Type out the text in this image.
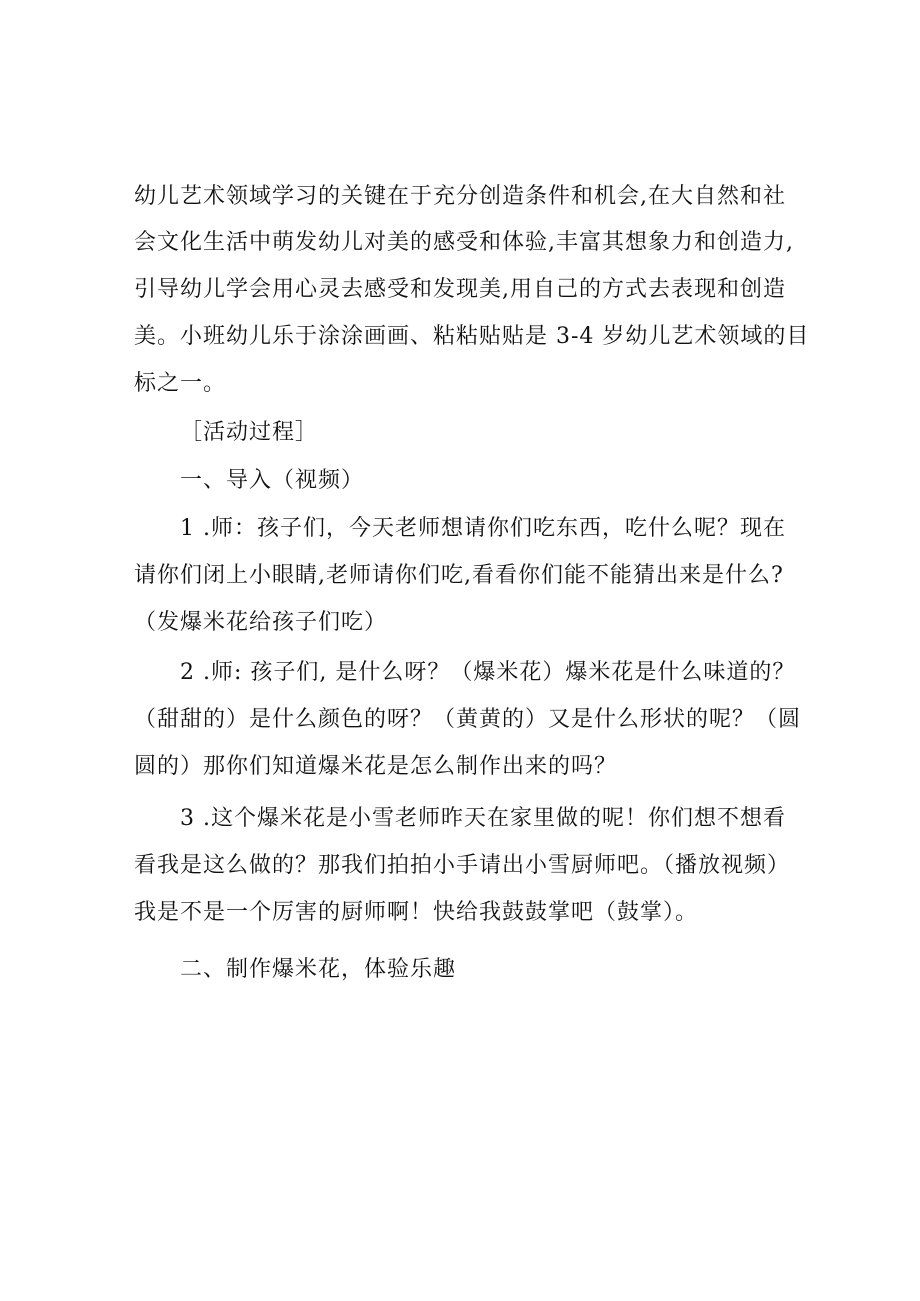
幼儿艺术领域学习的关键在于充分创造条件和机会,在大自然和社
会文化生活中萌发幼儿对美的感受和体验,丰富其想象力和创造力,
引导幼儿学会用心灵去感受和发现美,用自己的方式去表现和创造
美。小班幼儿乐于涂涂画画、粘粘贴贴是 3-4 岁幼儿艺术领域的目
标之一。
［活动过程］
一、导入（视频）
1 .师：孩子们，今天老师想请你们吃东西，吃什么呢？现在
请你们闭上小眼睛,老师请你们吃,看看你们能不能猜出来是什么?
（发爆米花给孩子们吃）
2 .师: 孩子们, 是什么呀？（爆米花）爆米花是什么味道的？
（甜甜的）是什么颜色的呀？（黄黄的）又是什么形状的呢？（圆
圆的）那你们知道爆米花是怎么制作出来的吗？
3 .这个爆米花是小雪老师昨天在家里做的呢！你们想不想看
看我是这么做的？那我们拍拍小手请出小雪厨师吧。（播放视频）
我是不是一个厉害的厨师啊！快给我鼓鼓掌吧（鼓掌）。
二、制作爆米花，体验乐趣
